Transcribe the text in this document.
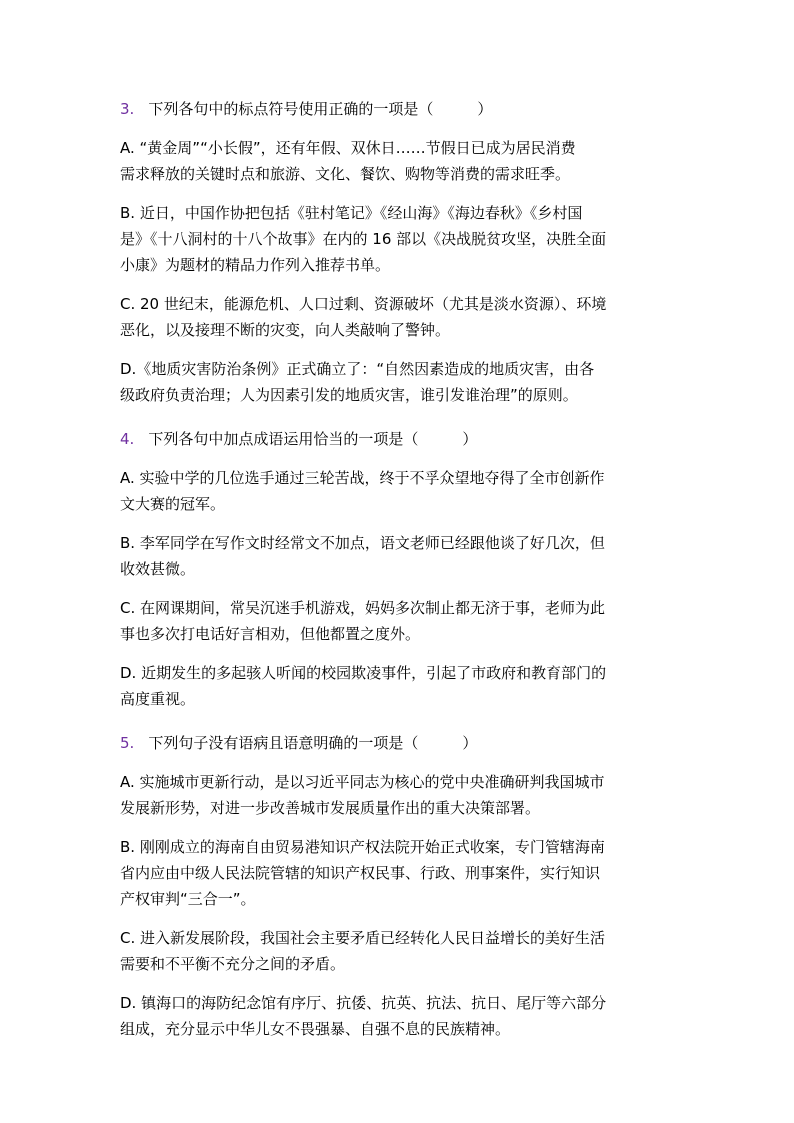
3. 下列各句中的标点符号使用正确的一项是（	）

A. “黄金周”“小长假”，还有年假、双休日……节假日已成为居民消费

需求释放的关键时点和旅游、文化、餐饮、购物等消费的需求旺季。

B. 近日，中国作协把包括《驻村笔记》《经山海》《海边春秋》《乡村国

是》《十八洞村的十八个故事》在内的 16 部以《决战脱贫攻坚，决胜全面

小康》为题材的精品力作列入推荐书单。

C. 20 世纪末，能源危机、人口过剩、资源破坏（尤其是淡水资源）、环境

恶化，以及接理不断的灾变，向人类敲响了警钟。

D.《地质灾害防治条例》正式确立了：“自然因素造成的地质灾害，由各

级政府负责治理；人为因素引发的地质灾害，谁引发谁治理”的原则。

4. 下列各句中加点成语运用恰当的一项是（	）

A. 实验中学的几位选手通过三轮苦战，终于不孚众望地夺得了全市创新作

文大赛的冠军。

B. 李军同学在写作文时经常文不加点，语文老师已经跟他谈了好几次，但

收效甚微。

C. 在网课期间，常吴沉迷手机游戏，妈妈多次制止都无济于事，老师为此

事也多次打电话好言相劝，但他都置之度外。

D. 近期发生的多起骇人听闻的校园欺凌事件，引起了市政府和教育部门的

高度重视。

5. 下列句子没有语病且语意明确的一项是（	）

A. 实施城市更新行动，是以习近平同志为核心的党中央准确研判我国城市

发展新形势，对进一步改善城市发展质量作出的重大决策部署。

B. 刚刚成立的海南自由贸易港知识产权法院开始正式收案，专门管辖海南

省内应由中级人民法院管辖的知识产权民事、行政、刑事案件，实行知识

产权审判“三合一”。

C. 进入新发展阶段，我国社会主要矛盾已经转化人民日益增长的美好生活

需要和不平衡不充分之间的矛盾。

D. 镇海口的海防纪念馆有序厅、抗倭、抗英、抗法、抗日、尾厅等六部分

组成，充分显示中华儿女不畏强暴、自强不息的民族精神。
